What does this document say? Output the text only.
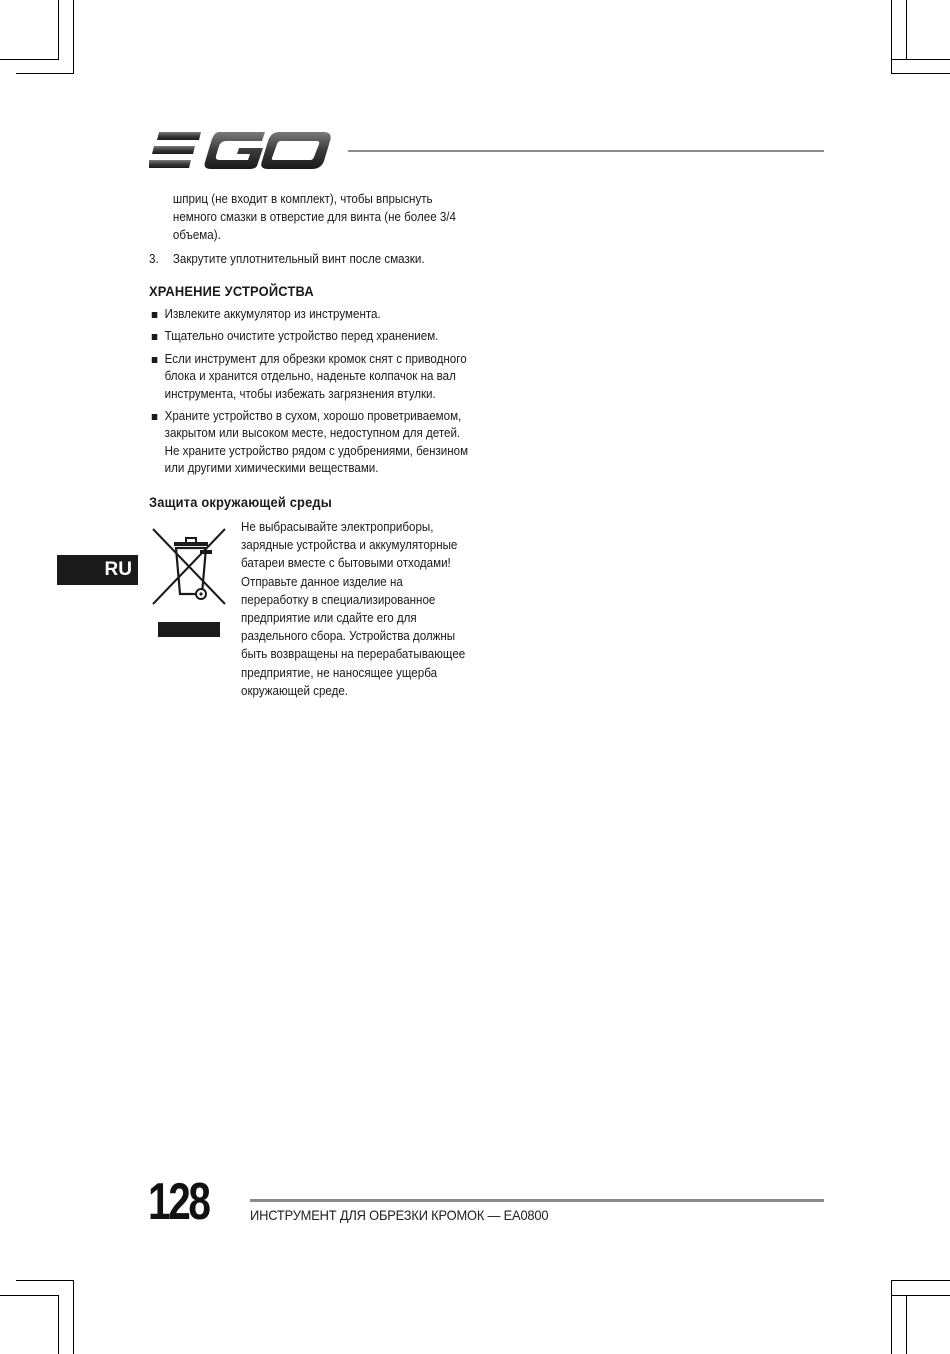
шприц (не входит в комплект), чтобы впрыснуть немного смазки в отверстие для винта (не более 3/4 объема).
3.	Закрутите уплотнительный винт после смазки.
ХРАНЕНИЕ УСТРОЙСТВА
Извлеките аккумулятор из инструмента.
Тщательно очистите устройство перед хранением.
Если инструмент для обрезки кромок снят с приводного блока и хранится отдельно, наденьте колпачок на вал инструмента, чтобы избежать загрязнения втулки.
Храните устройство в сухом, хорошо проветриваемом, закрытом или высоком месте, недоступном для детей. Не храните устройство рядом с удобрениями, бензином или другими химическими веществами.
Защита окружающей среды
Не выбрасывайте электроприборы, зарядные устройства и аккумуляторные батареи вместе с бытовыми отходами! Отправьте данное изделие на переработку в специализированное предприятие или сдайте его для раздельного сбора. Устройства должны быть возвращены на перерабатывающее предприятие, не наносящее ущерба окружающей среде.
RU
128	ИНСТРУМЕНТ ДЛЯ ОБРЕЗКИ КРОМОК — EA0800
